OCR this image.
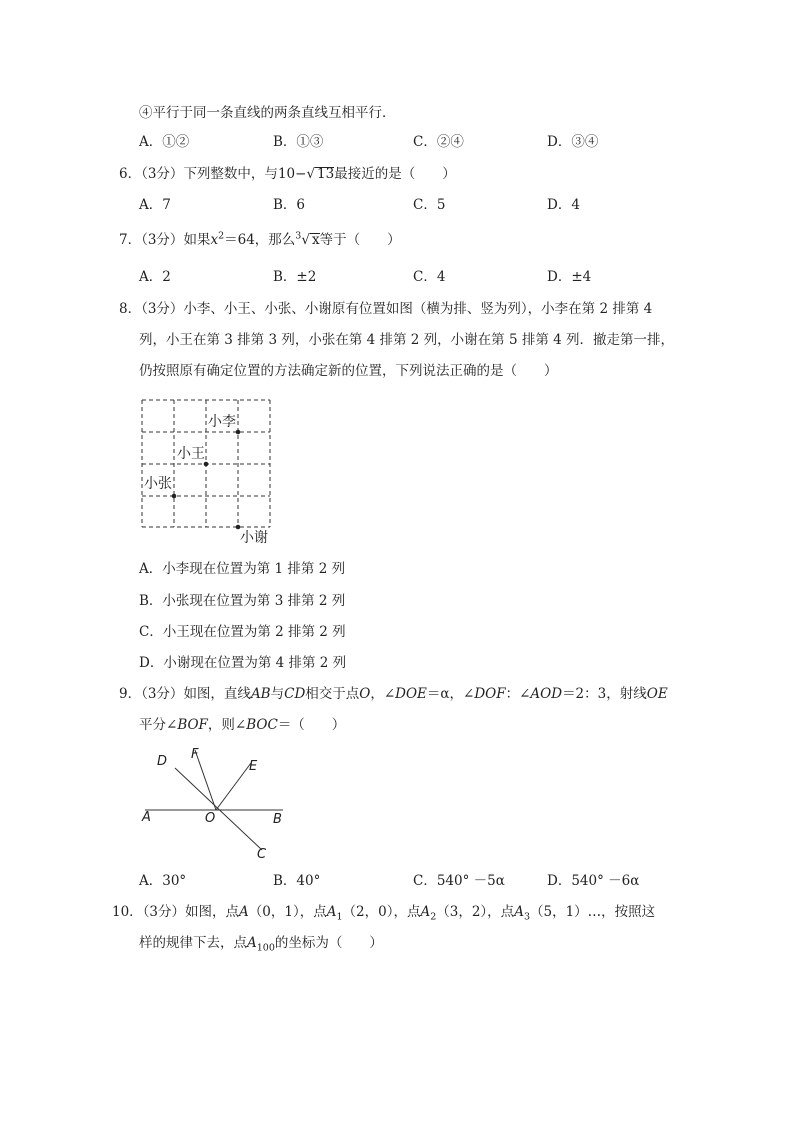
④平行于同一条直线的两条直线互相平行．
A．①②	B．①③	C．②④	D．③④
6．（3分）下列整数中，与10−√ 13最接近的是（　　）
A．7	B．6	C．5	D．4
7．（3分）如果$x^2=64$，那么$^3$√ x等于（　　）
A．2	B．±2	C．4	D．±4
8．（3分）小李、小王、小张、小谢原有位置如图（横为排、竖为列），小李在第 2 排第 4
列，小王在第 3 排第 3 列，小张在第 4 排第 2 列，小谢在第 5 排第 4 列．撤走第一排，
仍按照原有确定位置的方法确定新的位置，下列说法正确的是（　　）
小李
小王
小张
小谢
A．小李现在位置为第 1 排第 2 列
B．小张现在位置为第 3 排第 2 列
C．小王现在位置为第 2 排第 2 列
D．小谢现在位置为第 4 排第 2 列
9．（3分）如图，直线AB与CD相交于点O，∠DOE＝α，∠DOF：∠AOD＝2：3，射线OE
平分∠BOF，则∠BOC＝（　　）
D F
E
A	O	B
C
A．30°	B．40°	C．540° －5α	D．540° －6α
10．（3分）如图，点A（0，1），点$A_1(2$，0），点$A_2(3$，2），点$A_3(5$，1）…，按照这
样的规律下去，点$A_{100}$的坐标为（　　）
